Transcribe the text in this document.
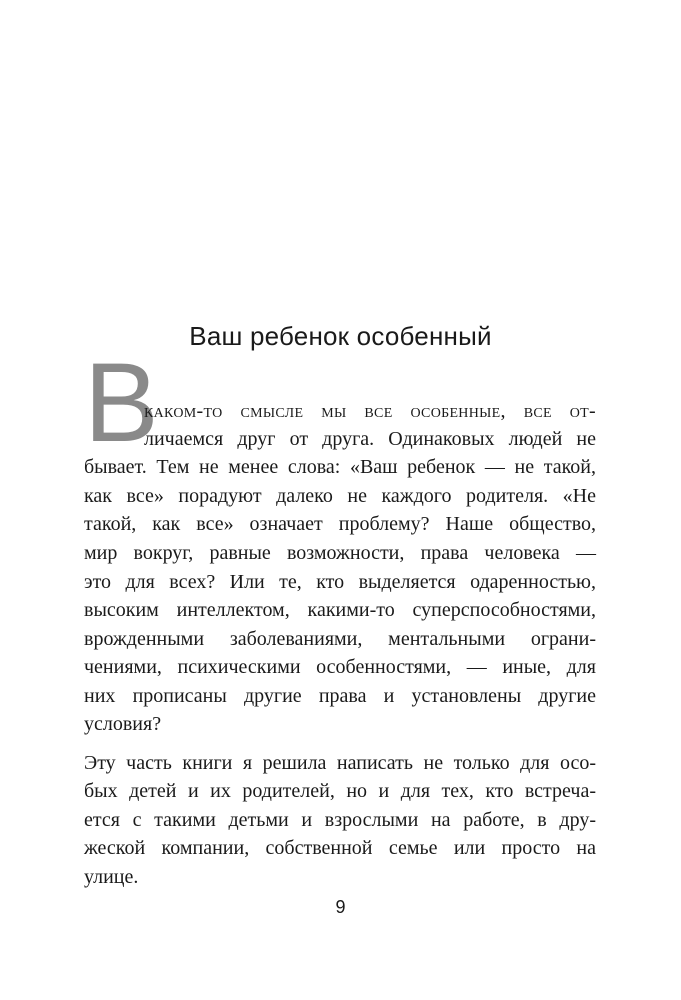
Ваш ребенок особенный
В

каком-то смысле мы все особенные, все от-

личаемся друг от друга. Одинаковых людей не

бывает. Тем не менее слова: «Ваш ребенок — не такой,

как все» порадуют далеко не каждого родителя. «Не

такой, как все» означает проблему? Наше общество,

мир вокруг, равные возможности, права человека —

это для всех? Или те, кто выделяется одаренностью,

высоким интеллектом, какими-то суперспособностями,

врожденными заболеваниями, ментальными ограни-

чениями, психическими особенностями, — иные, для

них прописаны другие права и установлены другие

условия?

Эту часть книги я решила написать не только для осо-

бых детей и их родителей, но и для тех, кто встреча-

ется с такими детьми и взрослыми на работе, в дру-

жеской компании, собственной семье или просто на

улице.

9
